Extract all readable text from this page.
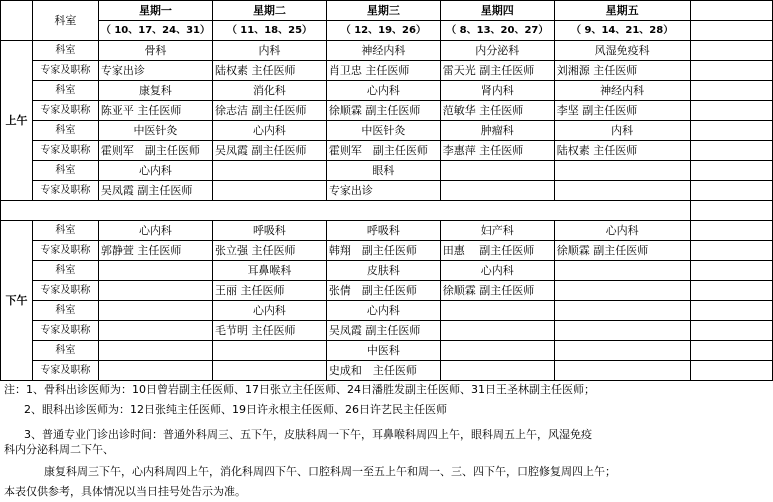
	科室	星期一	星期二	星期三	星期四	星期五	
		（ 10、17、24、31）	（ 11、18、25）	（ 12、19、26）	（ 8、13、20、27）	（ 9、14、21、28）	
上午	科室	骨科	内科	神经内科	内分泌科	风湿免疫科	
	专家及职称	专家出诊	陆权素 主任医师	肖卫忠 主任医师	雷天光 副主任医师	刘湘源 主任医师	
	科室	康复科	消化科	心内科	肾内科	神经内科	
	专家及职称	陈亚平 主任医师	徐志洁 副主任医师	徐顺霖 副主任医师	范敏华 主任医师	李坚 副主任医师	
	科室	中医针灸	心内科	中医针灸	肿瘤科	内科	
	专家及职称	霍则军　副主任医师	吴凤霞 副主任医师	霍则军　副主任医师	李惠萍 主任医师	陆权素 主任医师	
	科室	心内科		眼科			
	专家及职称	吴凤霞 副主任医师		专家出诊			

下午	科室	心内科	呼吸科	呼吸科	妇产科	心内科	
	专家及职称	郭静萱 主任医师	张立强 主任医师	韩翔　副主任医师	田惠　 副主任医师	徐顺霖 副主任医师	
	科室		耳鼻喉科	皮肤科	心内科		
	专家及职称		王丽 主任医师	张倩　副主任医师	徐顺霖 副主任医师		
	科室		心内科	心内科			
	专家及职称		毛节明 主任医师	吴凤霞 副主任医师			
	科室			中医科			
	专家及职称			史成和　主任医师			
注：1、骨科出诊医师为：10日曾岩副主任医师、17日张立主任医师、24日潘胜发副主任医师、31日王圣林副主任医师；
2、眼科出诊医师为：12日张纯主任医师、19日许永根主任医师、26日许艺民主任医师
3、普通专业门诊出诊时间：普通外科周三、五下午，皮肤科周一下午，耳鼻喉科周四上午，眼科周五上午，风湿免疫
科内分泌科周二下午、
康复科周三下午，心内科周四上午，消化科周四下午、口腔科周一至五上午和周一、三、四下午，口腔修复周四上午；
本表仅供参考，具体情况以当日挂号处告示为准。
